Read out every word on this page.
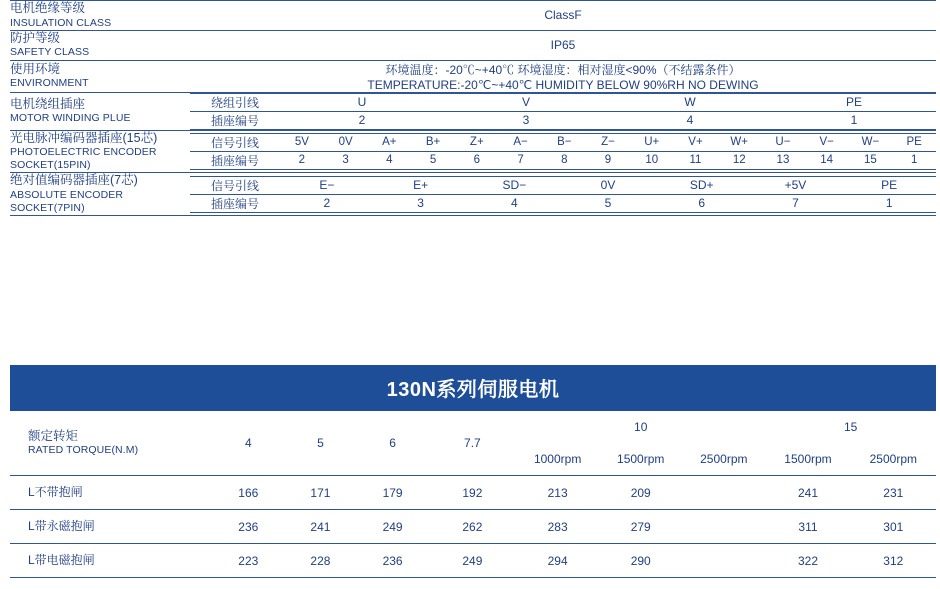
电机绝缘等级
INSULATION CLASS
	ClassF

防护等级
SAFETY CLASS
	IP65

使用环境
ENVIRONMENT

环境温度：-20℃~+40℃ 环境湿度：相对湿度<90%（不结露条件）
TEMPERATURE:-20℃~+40℃ HUMIDITY BELOW 90%RH NO DEWING

电机绕组插座
MOTOR WINDING PLUE

绕组引线	U	V	W	PE

插座编号	2	3	4	1

光电脉冲编码器插座(15芯)
PHOTOELECTRIC ENCODER SOCKET(15PIN)

信号引线	5V	0V	A+	B+	Z+	A−	B−	Z−	U+	V+	W+	U−	V−	W−	PE

插座编号	2	3	4	5	6	7	8	9	10	11	12	13	14	15	1

绝对值编码器插座(7芯)
ABSOLUTE ENCODER SOCKET(7PIN)

信号引线	E−	E+	SD−	0V	SD+	+5V	PE

插座编号	2	3	4	5	6	7	1
130N系列伺服电机
额定转矩
RATED TORQUE(N.M)	4	5	6	7.7	10			15	
					1000rpm	1500rpm	2500rpm	1500rpm	2500rpm
L不带抱闸	166	171	179	192	213	209		241	231
L带永磁抱闸	236	241	249	262	283	279		311	301
L带电磁抱闸	223	228	236	249	294	290		322	312
